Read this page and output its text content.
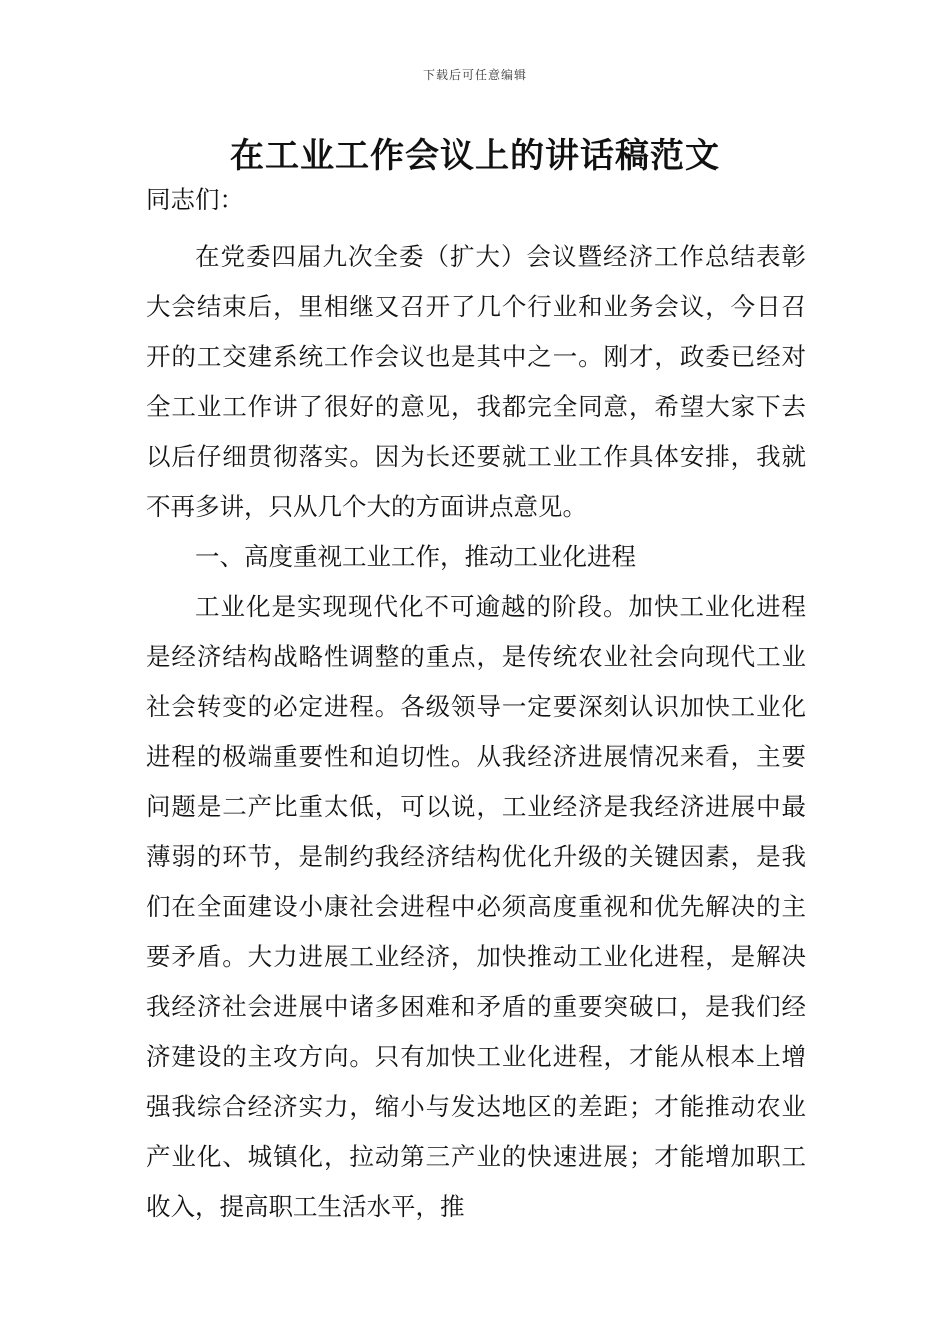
下载后可任意编辑
在工业工作会议上的讲话稿范文

同志们：

在党委四届九次全委（扩大）会议暨经济工作总结表彰大会结束后，里相继又召开了几个行业和业务会议，今日召开的工交建系统工作会议也是其中之一。刚才，政委已经对全工业工作讲了很好的意见，我都完全同意，希望大家下去以后仔细贯彻落实。因为长还要就工业工作具体安排，我就不再多讲，只从几个大的方面讲点意见。

一、高度重视工业工作，推动工业化进程

工业化是实现现代化不可逾越的阶段。加快工业化进程是经济结构战略性调整的重点，是传统农业社会向现代工业社会转变的必定进程。各级领导一定要深刻认识加快工业化进程的极端重要性和迫切性。从我经济进展情况来看，主要问题是二产比重太低，可以说，工业经济是我经济进展中最薄弱的环节，是制约我经济结构优化升级的关键因素，是我们在全面建设小康社会进程中必须高度重视和优先解决的主要矛盾。大力进展工业经济，加快推动工业化进程，是解决我经济社会进展中诸多困难和矛盾的重要突破口，是我们经济建设的主攻方向。只有加快工业化进程，才能从根本上增强我综合经济实力，缩小与发达地区的差距；才能推动农业产业化、城镇化，拉动第三产业的快速进展；才能增加职工收入，提高职工生活水平，推
